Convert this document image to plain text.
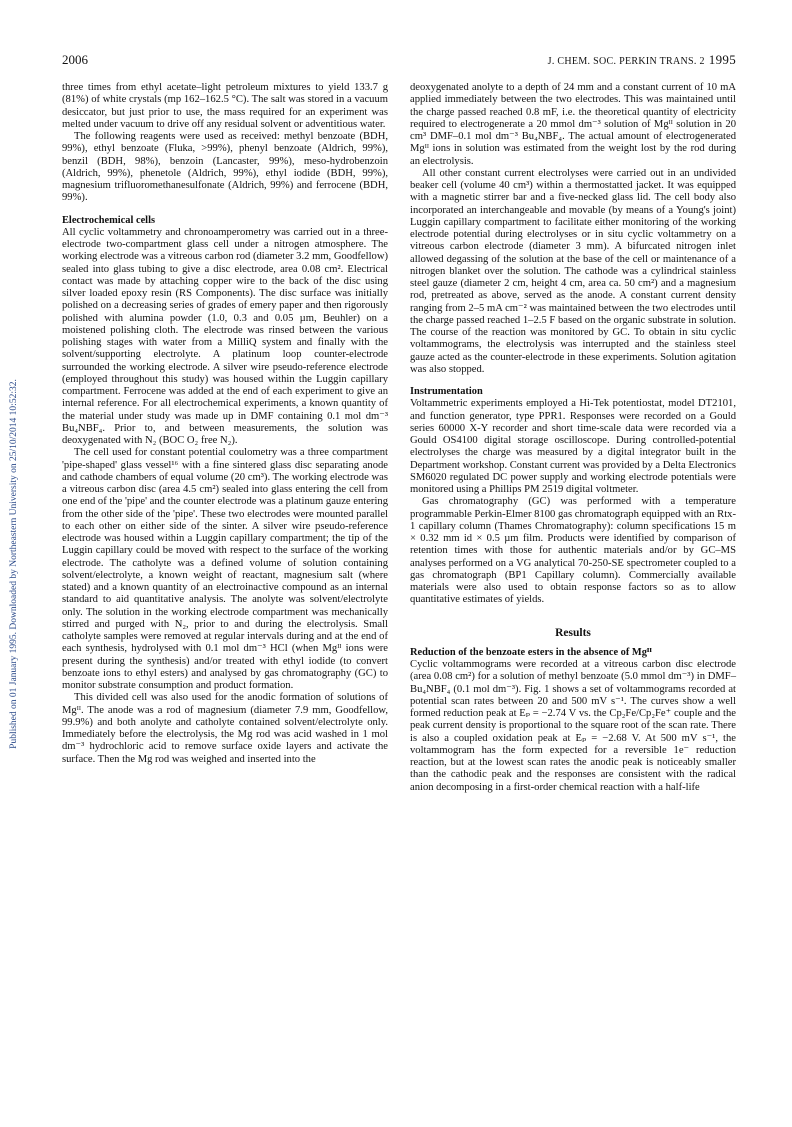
2006	J. CHEM. SOC. PERKIN TRANS. 2 1995
Published on 01 January 1995. Downloaded by Northeastern University on 25/10/2014 10:52:32.

three times from ethyl acetate–light petroleum mixtures to yield 133.7 g (81%) of white crystals (mp 162–162.5 °C). The salt was stored in a vacuum desiccator, but just prior to use, the mass required for an experiment was melted under vacuum to drive off any residual solvent or adventitious water.

The following reagents were used as received: methyl benzoate (BDH, 99%), ethyl benzoate (Fluka, >99%), phenyl benzoate (Aldrich, 99%), benzil (BDH, 98%), benzoin (Lancaster, 99%), meso-hydrobenzoin (Aldrich, 99%), phenetole (Aldrich, 99%), ethyl iodide (BDH, 99%), magnesium trifluoromethanesulfonate (Aldrich, 99%) and ferrocene (BDH, 99%).

Electrochemical cells

All cyclic voltammetry and chronoamperometry was carried out in a three-electrode two-compartment glass cell under a nitrogen atmosphere. The working electrode was a vitreous carbon rod (diameter 3.2 mm, Goodfellow) sealed into glass tubing to give a disc electrode, area 0.08 cm². Electrical contact was made by attaching copper wire to the back of the disc using silver loaded epoxy resin (RS Components). The disc surface was initially polished on a decreasing series of grades of emery paper and then rigorously polished with alumina powder (1.0, 0.3 and 0.05 µm, Beuhler) on a moistened polishing cloth. The electrode was rinsed between the various polishing stages with water from a MilliQ system and finally with the solvent/supporting electrolyte. A platinum loop counter-electrode surrounded the working electrode. A silver wire pseudo-reference electrode (employed throughout this study) was housed within the Luggin capillary compartment. Ferrocene was added at the end of each experiment to give an internal reference. For all electrochemical experiments, a known quantity of the material under study was made up in DMF containing 0.1 mol dm⁻³ Bu₄NBF₄. Prior to, and between measurements, the solution was deoxygenated with N₂ (BOC O₂ free N₂).

The cell used for constant potential coulometry was a three compartment 'pipe-shaped' glass vessel¹⁶ with a fine sintered glass disc separating anode and cathode chambers of equal volume (20 cm³). The working electrode was a vitreous carbon disc (area 4.5 cm²) sealed into glass entering the cell from one end of the 'pipe' and the counter electrode was a platinum gauze entering from the other side of the 'pipe'. These two electrodes were mounted parallel to each other on either side of the sinter. A silver wire pseudo-reference electrode was housed within a Luggin capillary compartment; the tip of the Luggin capillary could be moved with respect to the surface of the working electrode. The catholyte was a defined volume of solution containing solvent/electrolyte, a known weight of reactant, magnesium salt (where stated) and a known quantity of an electroinactive compound as an internal standard to aid quantitative analysis. The anolyte was solvent/electrolyte only. The solution in the working electrode compartment was mechanically stirred and purged with N₂, prior to and during the electrolysis. Small catholyte samples were removed at regular intervals during and at the end of each synthesis, hydrolysed with 0.1 mol dm⁻³ HCl (when Mgᴵᴵ ions were present during the synthesis) and/or treated with ethyl iodide (to convert benzoate ions to ethyl esters) and analysed by gas chromatography (GC) to monitor substrate consumption and product formation.

This divided cell was also used for the anodic formation of solutions of Mgᴵᴵ. The anode was a rod of magnesium (diameter 7.9 mm, Goodfellow, 99.9%) and both anolyte and catholyte contained solvent/electrolyte only. Immediately before the electrolysis, the Mg rod was acid washed in 1 mol dm⁻³ hydrochloric acid to remove surface oxide layers and activate the surface. Then the Mg rod was weighed and inserted into the

deoxygenated anolyte to a depth of 24 mm and a constant current of 10 mA applied immediately between the two electrodes. This was maintained until the charge passed reached 0.8 mF, i.e. the theoretical quantity of electricity required to electrogenerate a 20 mmol dm⁻³ solution of Mgᴵᴵ solution in 20 cm³ DMF–0.1 mol dm⁻³ Bu₄NBF₄. The actual amount of electrogenerated Mgᴵᴵ ions in solution was estimated from the weight lost by the rod during an electrolysis.

All other constant current electrolyses were carried out in an undivided beaker cell (volume 40 cm³) within a thermostatted jacket. It was equipped with a magnetic stirrer bar and a five-necked glass lid. The cell body also incorporated an interchangeable and movable (by means of a Young's joint) Luggin capillary compartment to facilitate either monitoring of the working electrode potential during electrolyses or in situ cyclic voltammetry on a vitreous carbon electrode (diameter 3 mm). A bifurcated nitrogen inlet allowed degassing of the solution at the base of the cell or maintenance of a nitrogen blanket over the solution. The cathode was a cylindrical stainless steel gauze (diameter 2 cm, height 4 cm, area ca. 50 cm²) and a magnesium rod, pretreated as above, served as the anode. A constant current density ranging from 2–5 mA cm⁻² was maintained between the two electrodes until the charge passed reached 1–2.5 F based on the organic substrate in solution. The course of the reaction was monitored by GC. To obtain in situ cyclic voltammograms, the electrolysis was interrupted and the stainless steel gauze acted as the counter-electrode in these experiments. Solution agitation was also stopped.

Instrumentation

Voltammetric experiments employed a Hi-Tek potentiostat, model DT2101, and function generator, type PPR1. Responses were recorded on a Gould series 60000 X-Y recorder and short time-scale data were recorded via a Gould OS4100 digital storage oscilloscope. During controlled-potential electrolyses the charge was measured by a digital integrator built in the Department workshop. Constant current was provided by a Delta Electronics SM6020 regulated DC power supply and working electrode potentials were monitored using a Phillips PM 2519 digital voltmeter.

Gas chromatography (GC) was performed with a temperature programmable Perkin-Elmer 8100 gas chromatograph equipped with an Rtx-1 capillary column (Thames Chromatography): column specifications 15 m × 0.32 mm id × 0.5 µm film. Products were identified by comparison of retention times with those for authentic materials and/or by GC–MS analyses performed on a VG analytical 70-250-SE spectrometer coupled to a gas chromatograph (BP1 Capillary column). Commercially available materials were also used to obtain response factors so as to allow quantitative estimates of yields.

Results
Reduction of the benzoate esters in the absence of Mgᴵᴵ

Cyclic voltammograms were recorded at a vitreous carbon disc electrode (area 0.08 cm²) for a solution of methyl benzoate (5.0 mmol dm⁻³) in DMF–Bu₄NBF₄ (0.1 mol dm⁻³). Fig. 1 shows a set of voltammograms recorded at potential scan rates between 20 and 500 mV s⁻¹. The curves show a well formed reduction peak at Eₚ = −2.74 V vs. the Cp₂Fe/Cp₂Fe⁺ couple and the peak current density is proportional to the square root of the scan rate. There is also a coupled oxidation peak at Eₚ = −2.68 V. At 500 mV s⁻¹, the voltammogram has the form expected for a reversible 1e⁻ reduction reaction, but at the lowest scan rates the anodic peak is noticeably smaller than the cathodic peak and the responses are consistent with the radical anion decomposing in a first-order chemical reaction with a half-life
